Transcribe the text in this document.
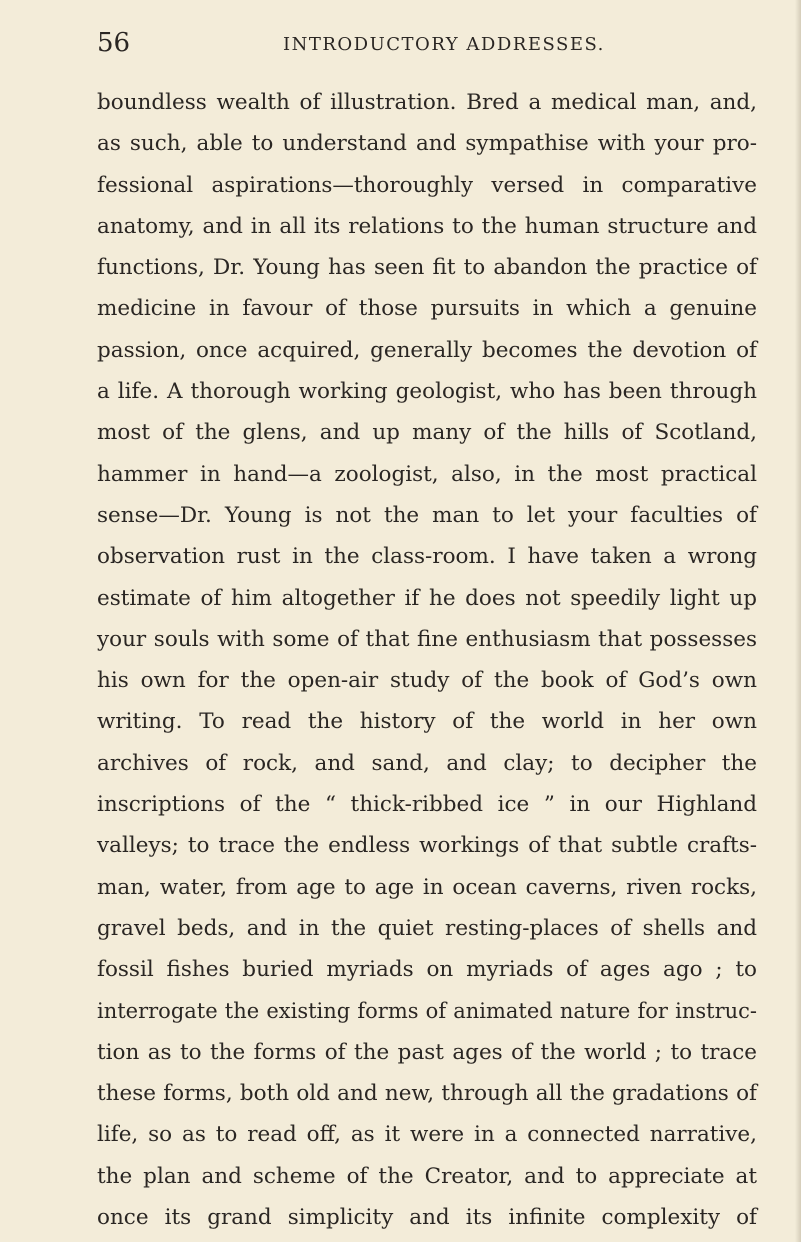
56	INTRODUCTORY ADDRESSES.
boundless wealth of illustration. Bred a medical man, and,
as such, able to understand and sympathise with your pro-
fessional aspirations—thoroughly versed in comparative
anatomy, and in all its relations to the human structure and
functions, Dr. Young has seen fit to abandon the practice of
medicine in favour of those pursuits in which a genuine
passion, once acquired, generally becomes the devotion of
a life. A thorough working geologist, who has been through
most of the glens, and up many of the hills of Scotland,
hammer in hand—a zoologist, also, in the most practical
sense—Dr. Young is not the man to let your faculties of
observation rust in the class-room. I have taken a wrong
estimate of him altogether if he does not speedily light up
your souls with some of that fine enthusiasm that possesses
his own for the open-air study of the book of God’s own
writing. To read the history of the world in her own
archives of rock, and sand, and clay; to decipher the
inscriptions of the “ thick-ribbed ice ” in our Highland
valleys; to trace the endless workings of that subtle crafts-
man, water, from age to age in ocean caverns, riven rocks,
gravel beds, and in the quiet resting-places of shells and
fossil fishes buried myriads on myriads of ages ago ; to
interrogate the existing forms of animated nature for instruc-
tion as to the forms of the past ages of the world ; to trace
these forms, both old and new, through all the gradations of
life, so as to read off, as it were in a connected narrative,
the plan and scheme of the Creator, and to appreciate at
once its grand simplicity and its infinite complexity of
